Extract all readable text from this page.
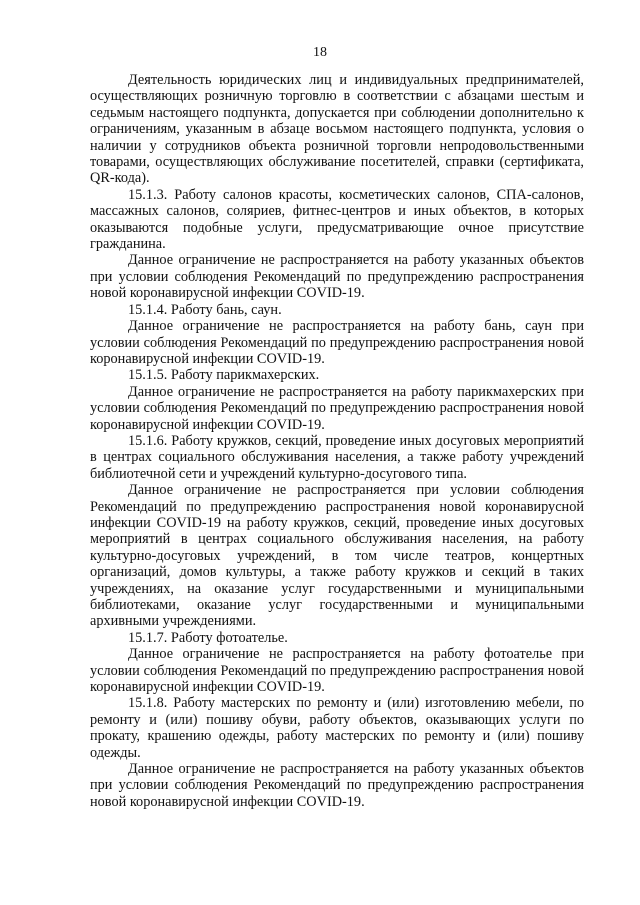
18

Деятельность юридических лиц и индивидуальных предпринимателей, осуществляющих розничную торговлю в соответствии с абзацами шестым и седьмым настоящего подпункта, допускается при соблюдении дополнительно к ограничениям, указанным в абзаце восьмом настоящего подпункта, условия о наличии у сотрудников объекта розничной торговли непродовольственными товарами, осуществляющих обслуживание посетителей, справки (сертификата, QR-кода).

15.1.3. Работу салонов красоты, косметических салонов, СПА-салонов, массажных салонов, соляриев, фитнес-центров и иных объектов, в которых оказываются подобные услуги, предусматривающие очное присутствие гражданина.

Данное ограничение не распространяется на работу указанных объектов при условии соблюдения Рекомендаций по предупреждению распространения новой коронавирусной инфекции COVID-19.

15.1.4. Работу бань, саун.

Данное ограничение не распространяется на работу бань, саун при условии соблюдения Рекомендаций по предупреждению распространения новой коронавирусной инфекции COVID-19.

15.1.5. Работу парикмахерских.

Данное ограничение не распространяется на работу парикмахерских при условии соблюдения Рекомендаций по предупреждению распространения новой коронавирусной инфекции COVID-19.

15.1.6. Работу кружков, секций, проведение иных досуговых мероприятий в центрах социального обслуживания населения, а также работу учреждений библиотечной сети и учреждений культурно-досугового типа.

Данное ограничение не распространяется при условии соблюдения Рекомендаций по предупреждению распространения новой коронавирусной инфекции COVID-19 на работу кружков, секций, проведение иных досуговых мероприятий в центрах социального обслуживания населения, на работу культурно-досуговых учреждений, в том числе театров, концертных организаций, домов культуры, а также работу кружков и секций в таких учреждениях, на оказание услуг государственными и муниципальными библиотеками, оказание услуг государственными и муниципальными архивными учреждениями.

15.1.7. Работу фотоателье.

Данное ограничение не распространяется на работу фотоателье при условии соблюдения Рекомендаций по предупреждению распространения новой коронавирусной инфекции COVID-19.

15.1.8. Работу мастерских по ремонту и (или) изготовлению мебели, по ремонту и (или) пошиву обуви, работу объектов, оказывающих услуги по прокату, крашению одежды, работу мастерских по ремонту и (или) пошиву одежды.

Данное ограничение не распространяется на работу указанных объектов при условии соблюдения Рекомендаций по предупреждению распространения новой коронавирусной инфекции COVID-19.
